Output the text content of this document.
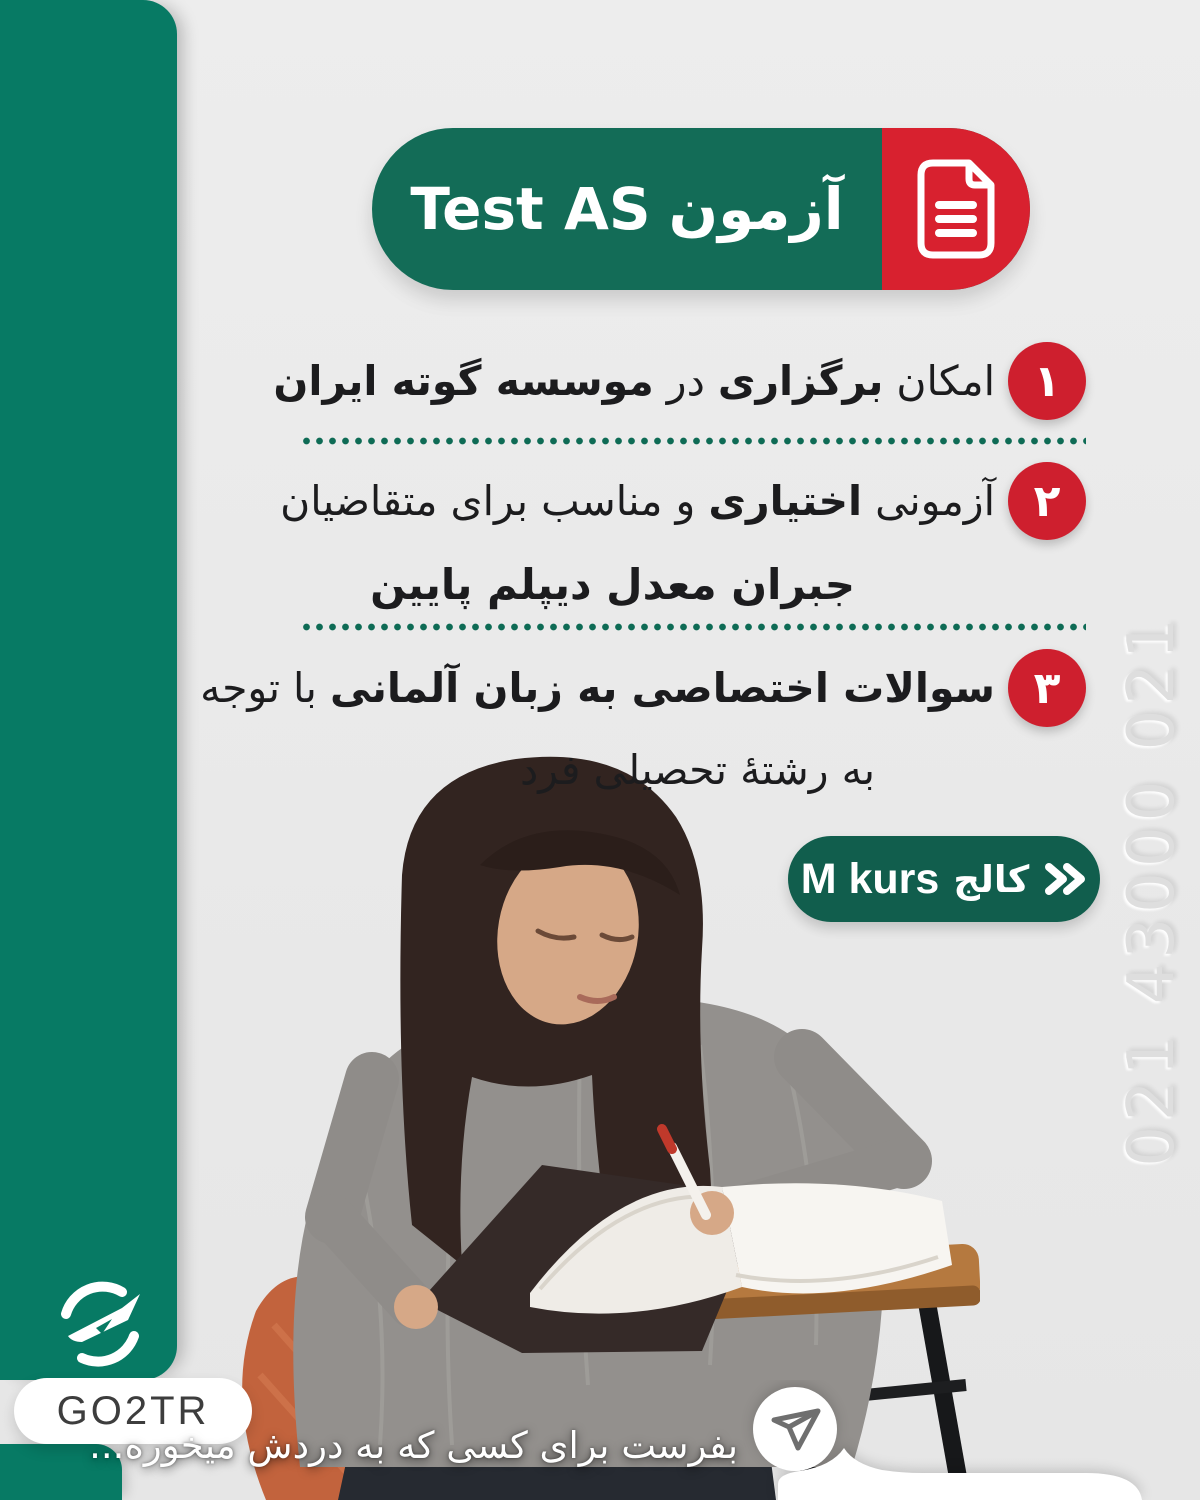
021 43000 021
GO2TR
آزمون
Test AS
۱
امکان برگزاری در موسسه گوته ایران
۲
آزمونی اختیاری و مناسب برای متقاضیان
جبران معدل دیپلم پایین
۳
سوالات اختصاصی به زبان آلمانی با توجه
به رشتهٔ تحصیلی فرد
کالج
M kurs
بفرست برای کسی که به دردش میخوره...
